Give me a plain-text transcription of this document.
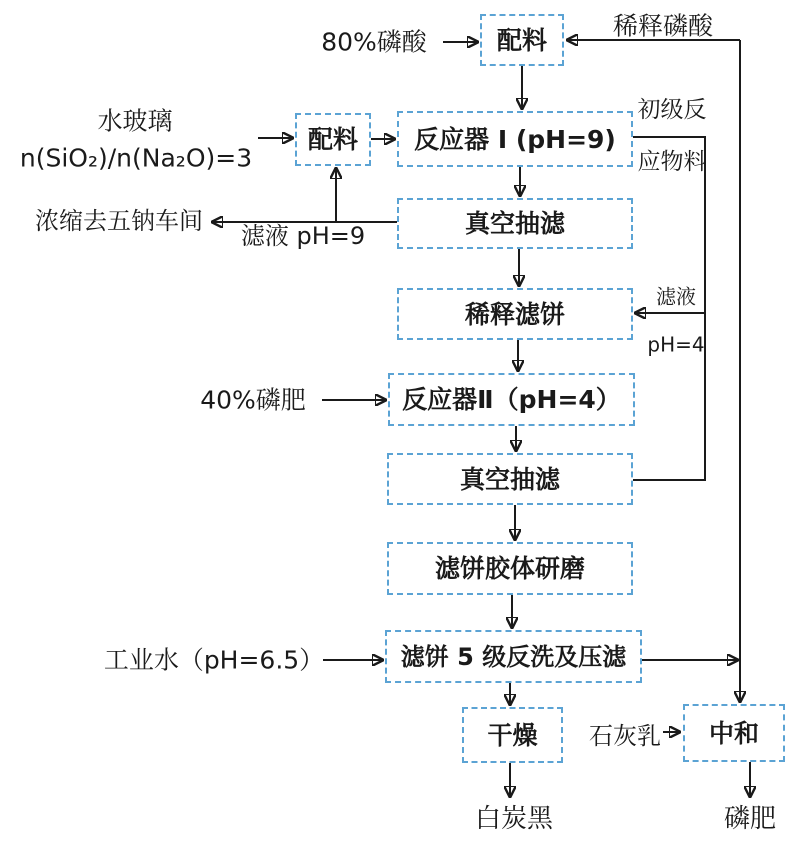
配料
配料	反应器 Ⅰ (pH=9)
真空抽滤
稀释滤饼
反应器Ⅱ（pH=4）
真空抽滤
滤饼胶体研磨
滤饼 5 级反洗及压滤
干燥	中和
80%磷酸
稀释磷酸
水玻璃
n(SiO₂)/n(Na₂O)=3
初级反
应物料
浓缩去五钠车间
滤液 pH=9
滤液
pH=4
40%磷肥
工业水（pH=6.5）
石灰乳
白炭黑	磷肥
